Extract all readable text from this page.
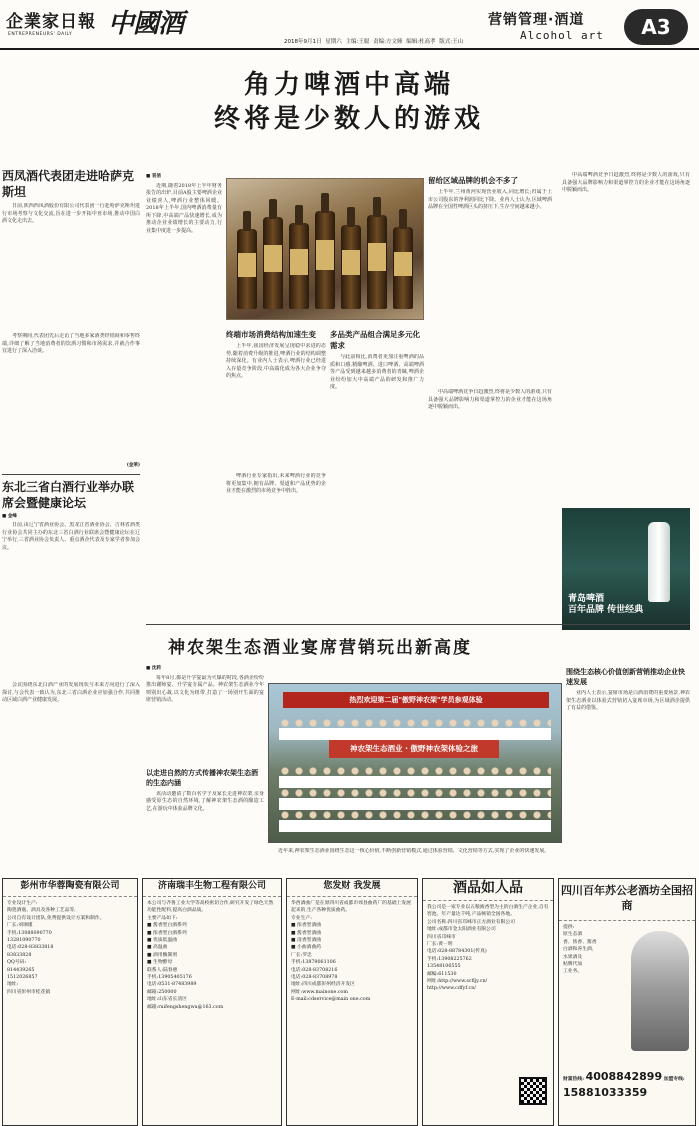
企業家日報
ENTREPRENEURS' DAILY 中國酒	营销管理·酒道
Alcohol art	A3
2018年9月1日 星期六 主编:王聪 责编:方文娅 编辑:杜高孝 版式:王山
角力啤酒中高端
终将是少数人的游戏
西凤酒代表团走进哈萨克斯坦
日前,陕西西凤酒股份有限公司代表团一行赴哈萨克斯坦进行市场考察与文化交流,旨在进一步开拓中亚市场,推动中国白酒文化走出去。
考察期间,代表团先后走访了当地多家酒类经销商和零售终端,详细了解了当地消费者的饮酒习惯和市场需求,并就合作事宜进行了深入洽谈。
(金莱)
东北三省白酒行业举办联席会暨健康论坛
■ 金峰
日前,由辽宁省酒业协会、黑龙江省酒业协会、吉林省酒类行业协会共同主办的东北三省白酒行业联席会暨健康论坛在辽宁举行,三省酒业协会负责人、重点酒企代表及专家学者参加会议。
会议围绕东北白酒产业的发展现状与未来方向进行了深入探讨,与会代表一致认为,东北三省白酒企业应加强合作,共同推动区域白酒产业健康发展。
■ 袁俏
近期,随着2018年上半年财务报告的出炉,目前A股主要啤酒企业业绩喜人,啤酒行业整体回暖。2018年上半年,国内啤酒消费量有所下降,中高端产品快速增长,成为推动企业业绩增长的主要动力,行业集中度进一步提高。
终端市场消费结构加速生变
上半年,我国经济发展呈现稳中求进的态势,随着消费升级的推进,啤酒行业的结构调整持续深化。有业内人士表示,啤酒行业已经进入存量竞争阶段,中高端化成为各大企业争夺的焦点。
啤酒行业专家指出,未来啤酒行业的竞争将更加集中,拥有品牌、渠道和产品优势的企业才能在激烈的市场竞争中胜出。
多品类产品组合满足多元化需求
与此前相比,消费者更加注重啤酒的品质和口感,精酿啤酒、进口啤酒、高端啤酒等产品受到越来越多消费者的青睐,啤酒企业纷纷加大中高端产品的研发和推广力度。
留给区域品牌的机会不多了
上半年,兰州黄河实现营业收入,同比增长;归属于上市公司股东的净利润同比下降。业内人士认为,区域啤酒品牌在全国性啤酒巨头的挤压下,生存空间越来越小。
中高端啤酒竞争日趋激烈,终将是少数人的游戏,只有具备强大品牌影响力和渠道掌控力的企业才能在这场角逐中脱颖而出。
中高端啤酒竞争日趋激烈,终将是少数人的游戏,只有具备强大品牌影响力和渠道掌控力的企业才能在这场角逐中脱颖而出。
青岛啤酒
百年品牌 传世经典
神农架生态酒业宴席营销玩出新高度
■ 沈莉
每年8月,都是升学宴最为火爆的时段,各酒企纷纷推出谢师宴、升学宴专属产品。神农架生态酒业今年则别出心裁,以文化为纽带,打造了一场别开生面的宴席营销活动。
以走进自然的方式传播神农架生态酒的生态内涵
该活动邀请了数百名学子及家长走进神农架,亲身感受原生态的自然环境,了解神农架生态酒的酿造工艺,在游玩中体验品牌文化。
热烈欢迎第二届"傲野神农架"学员参观体验
神农架生态酒业 · 傲野神农架体验之旅
近年来,神农架生态酒业围绕生态这一核心价值,不断创新营销模式,通过体验营销、文化营销等方式,实现了企业的快速发展。
围绕生态核心价值创新营销推动企业快速发展
业内人士表示,宴席市场是白酒消费的重要场景,神农架生态酒业以体验式营销切入宴席市场,为区域酒企提供了有益的借鉴。
彭州市华蓉陶瓷有限公司
专业设计生产:
陶瓷酒瓶、酒具及各种工艺品等,
公司自有设计团队,免费提供设计方案和制作。
厂长:刘璃瑾
手机:13088090770
13281090770
电话:028-83833818
83833828
QQ号码:
814439265
1512026857
地址:
四川省彭州市桂花镇
济南瑞丰生物工程有限公司
本公司与齐鲁工业大学等高校密切合作,研究开发了绿色天然功能性配料,提高白酒品质。
主要产品如下:
■ 酱香型白酒系列
■ 浓香型白酒系列
■ 优质低温曲
■ 高温曲
■ 酒用酶制剂
■ 生物酵母
联系人:陆春惠
手机:13905405176
电话:0531-87483989
邮箱:250000
地址:山东省长清区
邮箱:ruifengshengwu@163.com
您发财 我发展
华西酒曲厂是在原四川省成都市郊县曲药厂的基础上发展起来的,生产各种优质曲药。
专业生产:
■ 浓香型酒曲
■ 酱香型酒曲
■ 清香型酒曲
■ 小曲酒曲药
厂长:罗忠
手机:13879061106
电话:028-83708216
电话:028-83708978
地址:四川成都彭州经济开发区
网址:www.mainone.com
E-mail:cdservice@main one.com
酒品如人品
我公司是一家专业以五粮液香型为主的白酒生产企业,自有窖池、年产量达千吨,产品畅销全国各地。
公司名称:四川省邛崃市正方酒业有限公司
地址:成都市金太阳酒业有限公司
四川省邛崃市
厂长:黄一明
电话:028-88784301(传真)
手机:13908225762
13548106555
邮编:611530
网址:http://www.scfljy.cn/
http://www.cdfyf.cn/
四川百年苏公老酒坊全国招商
提供:
原生态酒
香、浓香、酱香
白酒和养生酒,
水果酒及
贴牌代加
工业务。
财富热线: 4008842899 加盟专线: 15881033359
